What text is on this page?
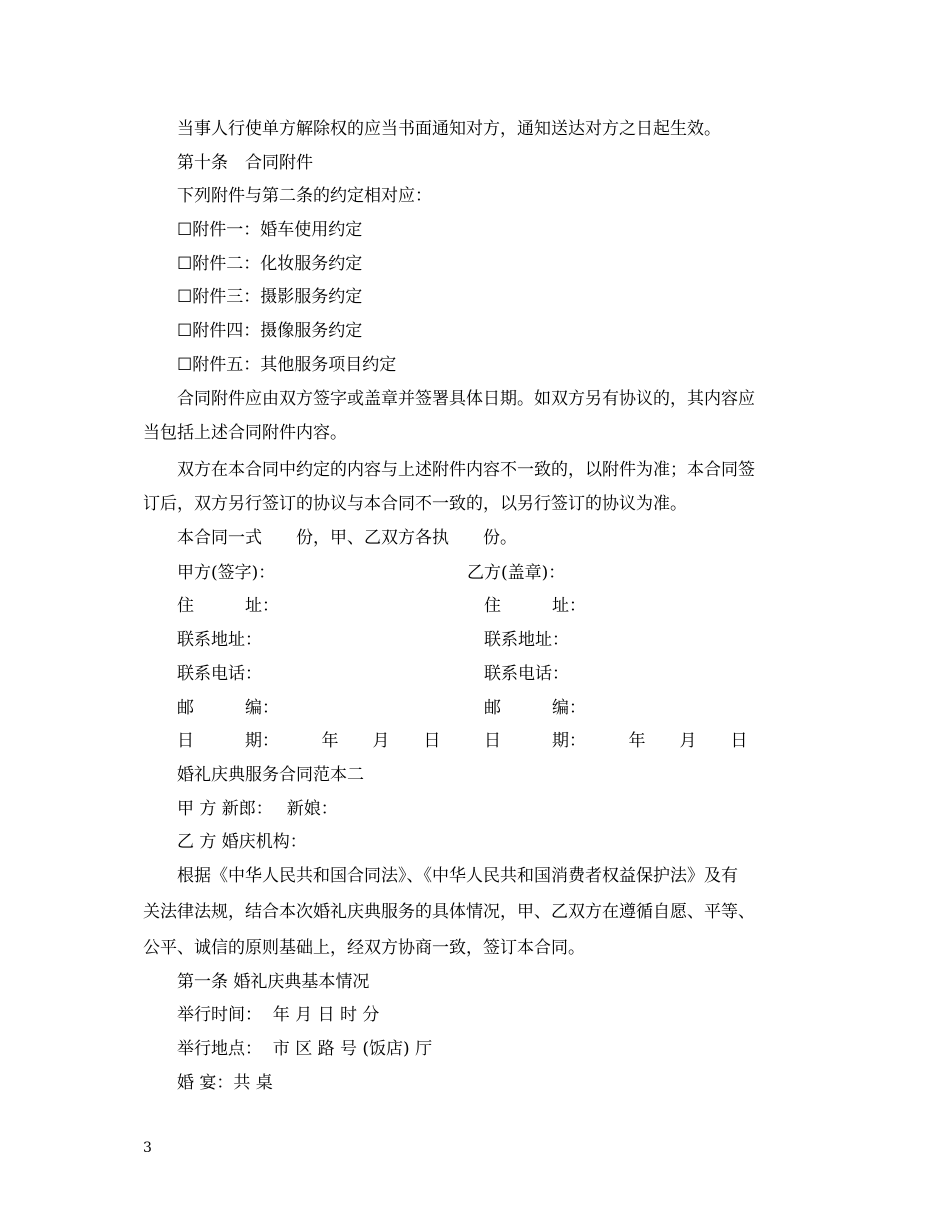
当事人行使单方解除权的应当书面通知对方，通知送达对方之日起生效。
第十条　合同附件
下列附件与第二条的约定相对应：
☐附件一：婚车使用约定
☐附件二：化妆服务约定
☐附件三：摄影服务约定
☐附件四：摄像服务约定
☐附件五：其他服务项目约定
合同附件应由双方签字或盖章并签署具体日期。如双方另有协议的，其内容应
当包括上述合同附件内容。
双方在本合同中约定的内容与上述附件内容不一致的，以附件为准；本合同签
订后，双方另行签订的协议与本合同不一致的，以另行签订的协议为准。
本合同一式　　份，甲、乙双方各执　　份。
甲方(签字)：	乙方(盖章)：
住　　　址：	住　　　址：
联系地址：	联系地址：
联系电话：	联系电话：
邮　　　编：	邮　　　编：
日　　　期：　　　年　　月　　日	日　　　期：　　　年　　月　　日
婚礼庆典服务合同范本二
甲 方 新郎：　 新娘：
乙 方 婚庆机构：
根据《中华人民共和国合同法》、《中华人民共和国消费者权益保护法》及有
关法律法规，结合本次婚礼庆典服务的具体情况，甲、乙双方在遵循自愿、平等、
公平、诚信的原则基础上，经双方协商一致，签订本合同。
第一条 婚礼庆典基本情况
举行时间：  年 月 日 时 分
举行地点：  市 区 路 号 (饭店) 厅
婚 宴：共 桌
3
